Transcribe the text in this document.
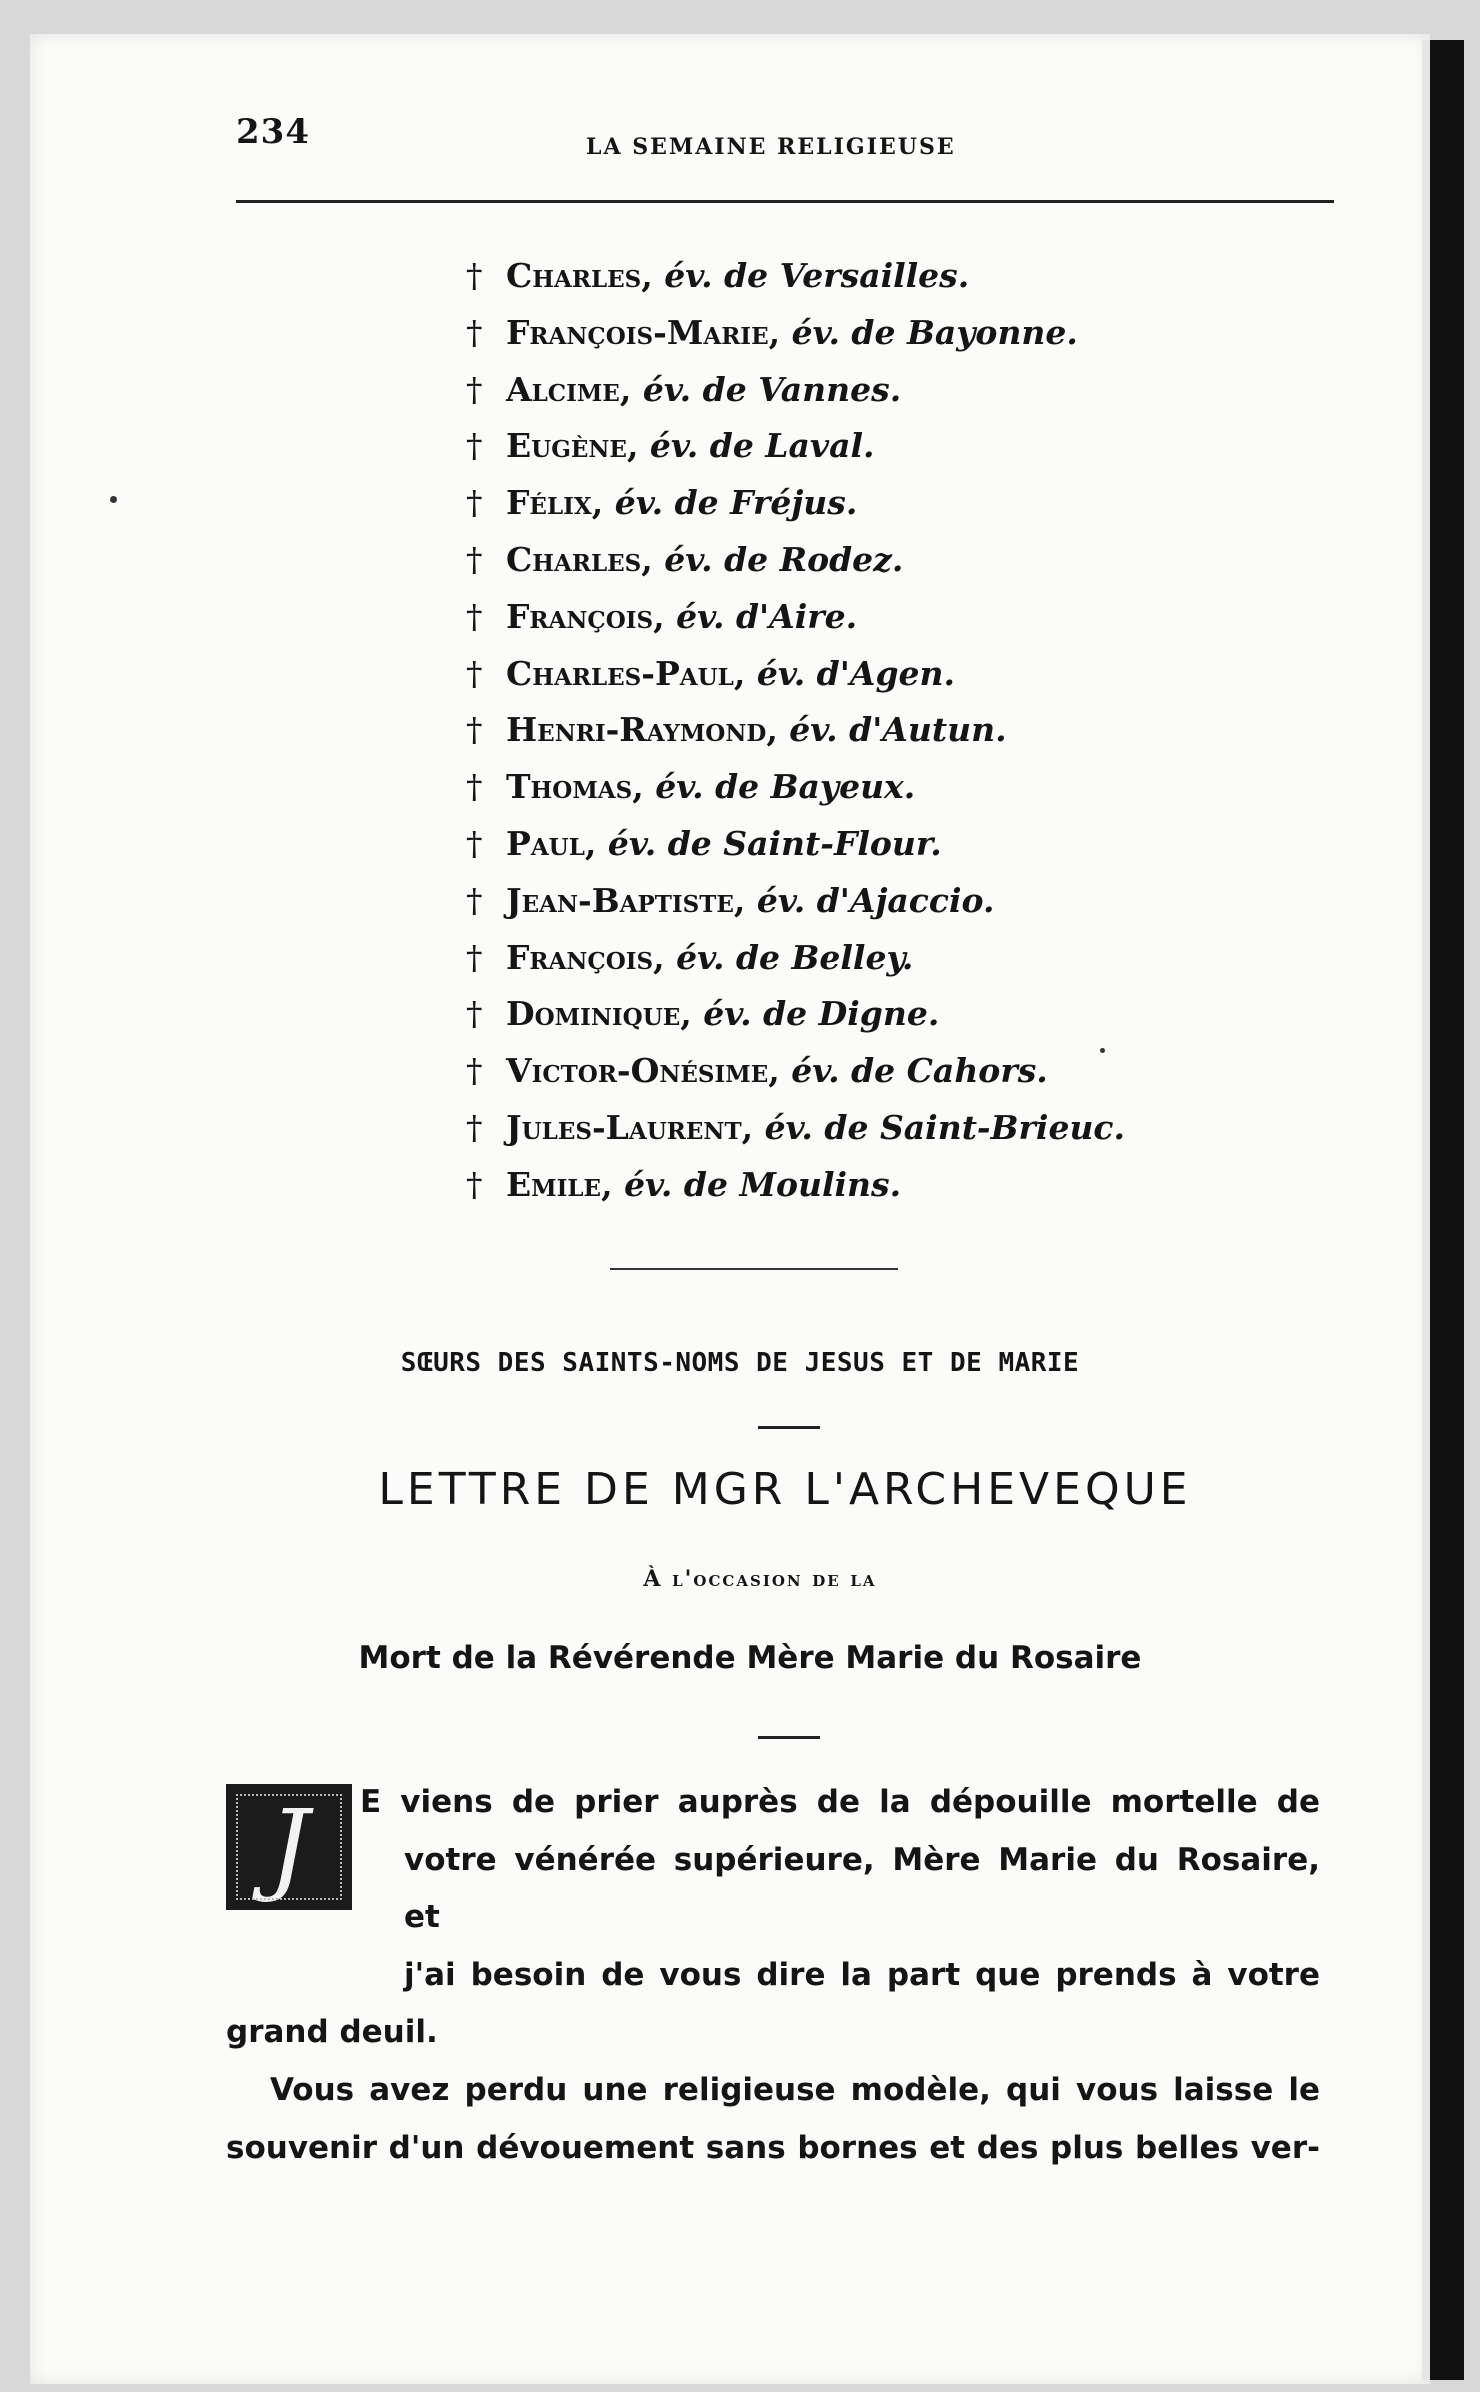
234	LA SEMAINE RELIGIEUSE
† Charles, év. de Versailles.
† François-Marie, év. de Bayonne.
† Alcime, év. de Vannes.
† Eugène, év. de Laval.
† Félix, év. de Fréjus.
† Charles, év. de Rodez.
† François, év. d'Aire.
† Charles-Paul, év. d'Agen.
† Henri-Raymond, év. d'Autun.
† Thomas, év. de Bayeux.
† Paul, év. de Saint-Flour.
† Jean-Baptiste, év. d'Ajaccio.
† François, év. de Belley.
† Dominique, év. de Digne.
† Victor-Onésime, év. de Cahors.
† Jules-Laurent, év. de Saint-Brieuc.
† Emile, év. de Moulins.
SŒURS DES SAINTS-NOMS DE JESUS ET DE MARIE
LETTRE DE MGR L'ARCHEVEQUE
À l'occasion de la
Mort de la Révérende Mère Marie du Rosaire
J	E viens de prier auprès de la dépouille mortelle de
votre vénérée supérieure, Mère Marie du Rosaire, et
j'ai besoin de vous dire la part que prends à votre
grand deuil.
Vous avez perdu une religieuse modèle, qui vous laisse le
souvenir d'un dévouement sans bornes et des plus belles ver-
